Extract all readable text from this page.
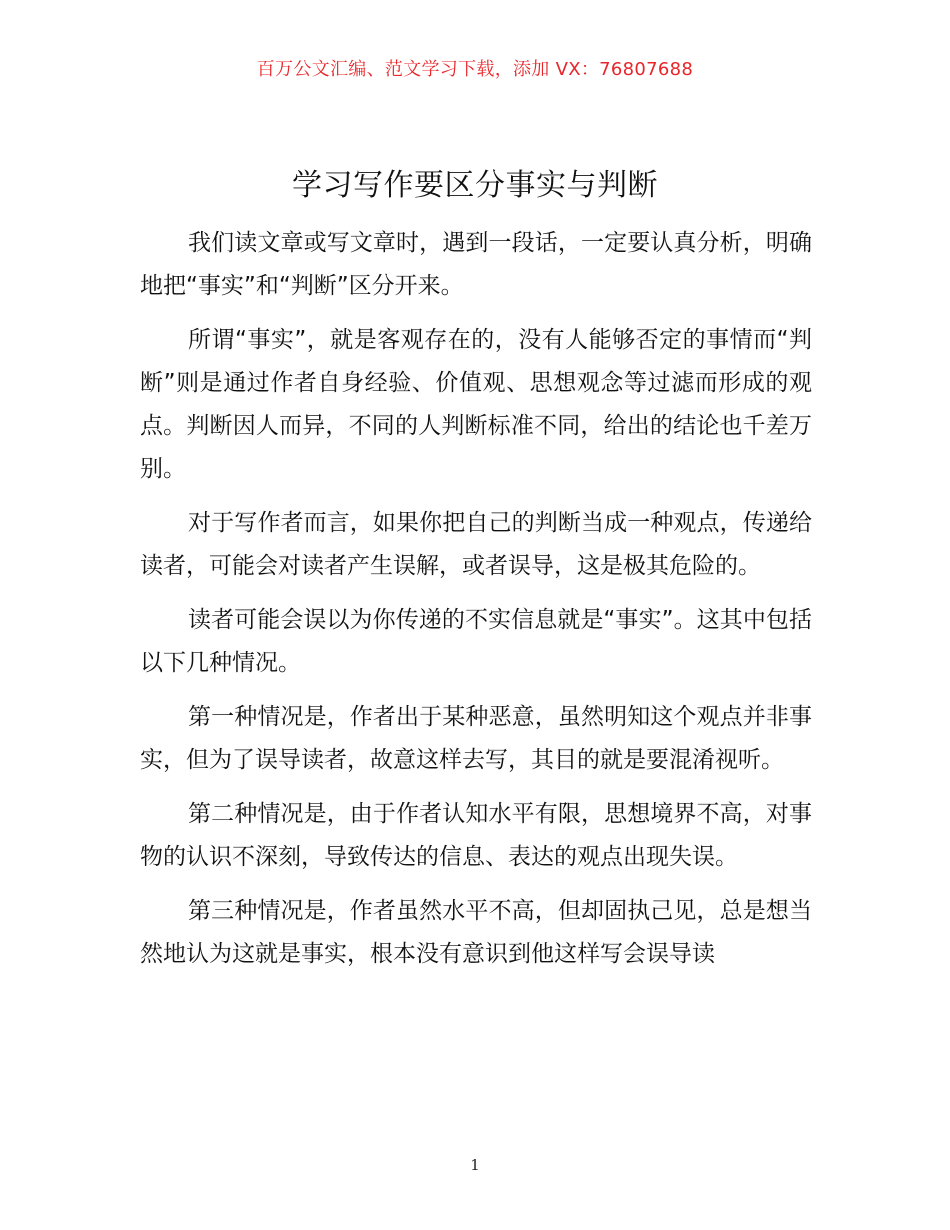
百万公文汇编、范文学习下载，添加 VX：76807688
学习写作要区分事实与判断

我们读文章或写文章时，遇到一段话，一定要认真分析，明确地把“事实”和“判断”区分开来。

所谓“事实”，就是客观存在的，没有人能够否定的事情而“判断”则是通过作者自身经验、价值观、思想观念等过滤而形成的观点。判断因人而异，不同的人判断标准不同，给出的结论也千差万别。

对于写作者而言，如果你把自己的判断当成一种观点，传递给读者，可能会对读者产生误解，或者误导，这是极其危险的。

读者可能会误以为你传递的不实信息就是“事实”。这其中包括以下几种情况。

第一种情况是，作者出于某种恶意，虽然明知这个观点并非事实，但为了误导读者，故意这样去写，其目的就是要混淆视听。

第二种情况是，由于作者认知水平有限，思想境界不高，对事物的认识不深刻，导致传达的信息、表达的观点出现失误。

第三种情况是，作者虽然水平不高，但却固执己见，总是想当然地认为这就是事实，根本没有意识到他这样写会误导读

1
